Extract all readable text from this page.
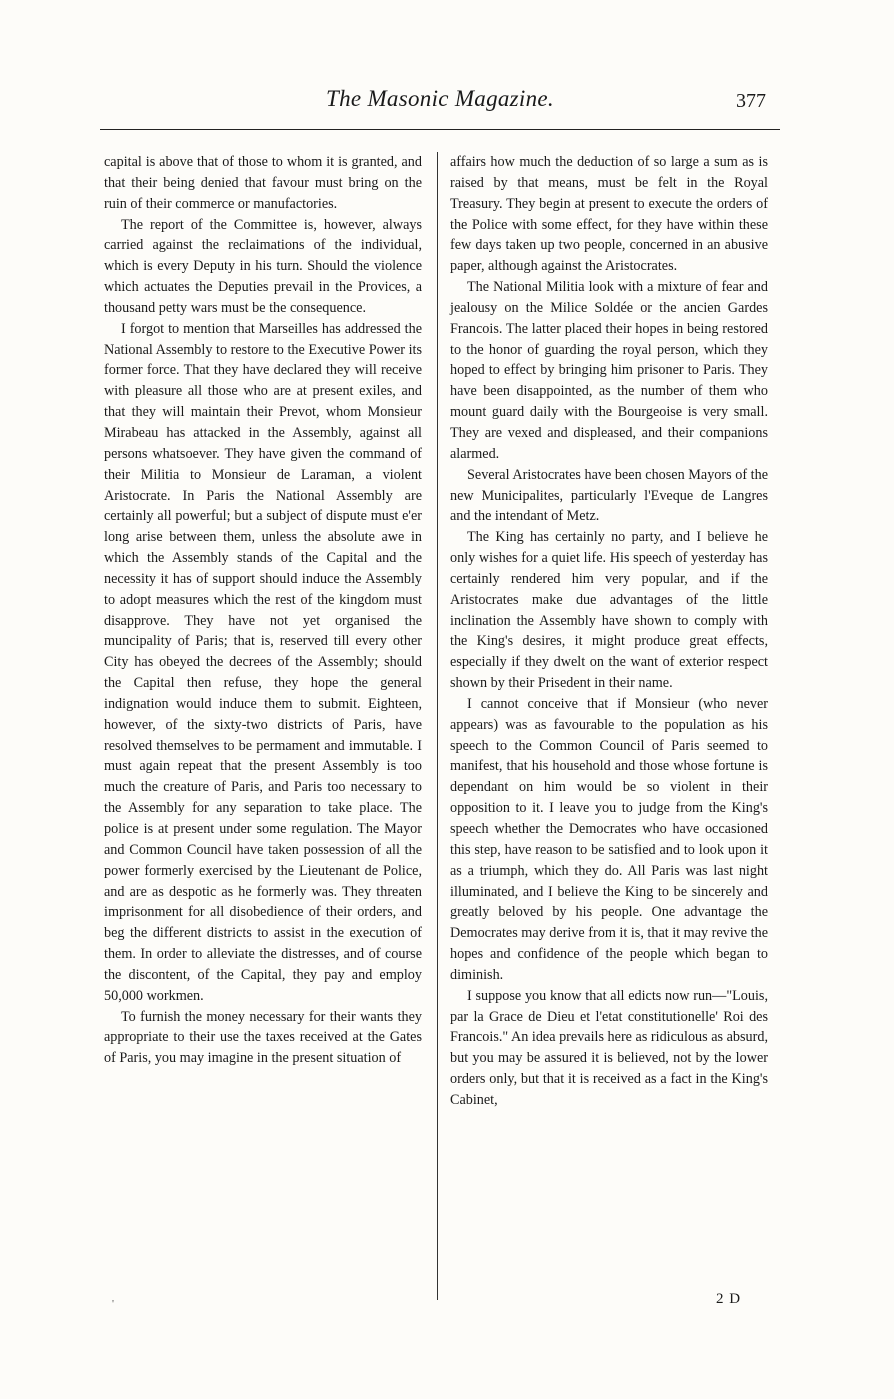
The Masonic Magazine.	377

capital is above that of those to whom it is granted, and that their being denied that favour must bring on the ruin of their commerce or manufactories.

The report of the Committee is, however, always carried against the reclaimations of the individual, which is every Deputy in his turn. Should the violence which actuates the Deputies prevail in the Provices, a thousand petty wars must be the consequence.

I forgot to mention that Marseilles has addressed the National Assembly to restore to the Executive Power its former force. That they have declared they will receive with pleasure all those who are at present exiles, and that they will maintain their Prevot, whom Monsieur Mirabeau has attacked in the Assembly, against all persons whatsoever. They have given the command of their Militia to Monsieur de Laraman, a violent Aristocrate. In Paris the National Assembly are certainly all powerful; but a subject of dispute must e'er long arise between them, unless the absolute awe in which the Assembly stands of the Capital and the necessity it has of support should induce the Assembly to adopt measures which the rest of the kingdom must disapprove. They have not yet organised the muncipality of Paris; that is, reserved till every other City has obeyed the decrees of the Assembly; should the Capital then refuse, they hope the general indignation would induce them to submit. Eighteen, however, of the sixty-two districts of Paris, have resolved themselves to be permament and immutable. I must again repeat that the present Assembly is too much the creature of Paris, and Paris too necessary to the Assembly for any separation to take place. The police is at present under some regulation. The Mayor and Common Council have taken possession of all the power formerly exercised by the Lieutenant de Police, and are as despotic as he formerly was. They threaten imprisonment for all disobedience of their orders, and beg the different districts to assist in the execution of them. In order to alleviate the distresses, and of course the discontent, of the Capital, they pay and employ 50,000 workmen.

To furnish the money necessary for their wants they appropriate to their use the taxes received at the Gates of Paris, you may imagine in the present situation of

affairs how much the deduction of so large a sum as is raised by that means, must be felt in the Royal Treasury. They begin at present to execute the orders of the Police with some effect, for they have within these few days taken up two people, concerned in an abusive paper, although against the Aristocrates.

The National Militia look with a mixture of fear and jealousy on the Milice Soldée or the ancien Gardes Francois. The latter placed their hopes in being restored to the honor of guarding the royal person, which they hoped to effect by bringing him prisoner to Paris. They have been disappointed, as the number of them who mount guard daily with the Bourgeoise is very small. They are vexed and displeased, and their companions alarmed.

Several Aristocrates have been chosen Mayors of the new Municipalites, particularly l'Eveque de Langres and the intendant of Metz.

The King has certainly no party, and I believe he only wishes for a quiet life. His speech of yesterday has certainly rendered him very popular, and if the Aristocrates make due advantages of the little inclination the Assembly have shown to comply with the King's desires, it might produce great effects, especially if they dwelt on the want of exterior respect shown by their Prisedent in their name.

I cannot conceive that if Monsieur (who never appears) was as favourable to the population as his speech to the Common Council of Paris seemed to manifest, that his household and those whose fortune is dependant on him would be so violent in their opposition to it. I leave you to judge from the King's speech whether the Democrates who have occasioned this step, have reason to be satisfied and to look upon it as a triumph, which they do. All Paris was last night illuminated, and I believe the King to be sincerely and greatly beloved by his people. One advantage the Democrates may derive from it is, that it may revive the hopes and confidence of the people which began to diminish.

I suppose you know that all edicts now run—"Louis, par la Grace de Dieu et l'etat constitutionelle' Roi des Francois." An idea prevails here as ridiculous as absurd, but you may be assured it is believed, not by the lower orders only, but that it is received as a fact in the King's Cabinet,

'	2 D
